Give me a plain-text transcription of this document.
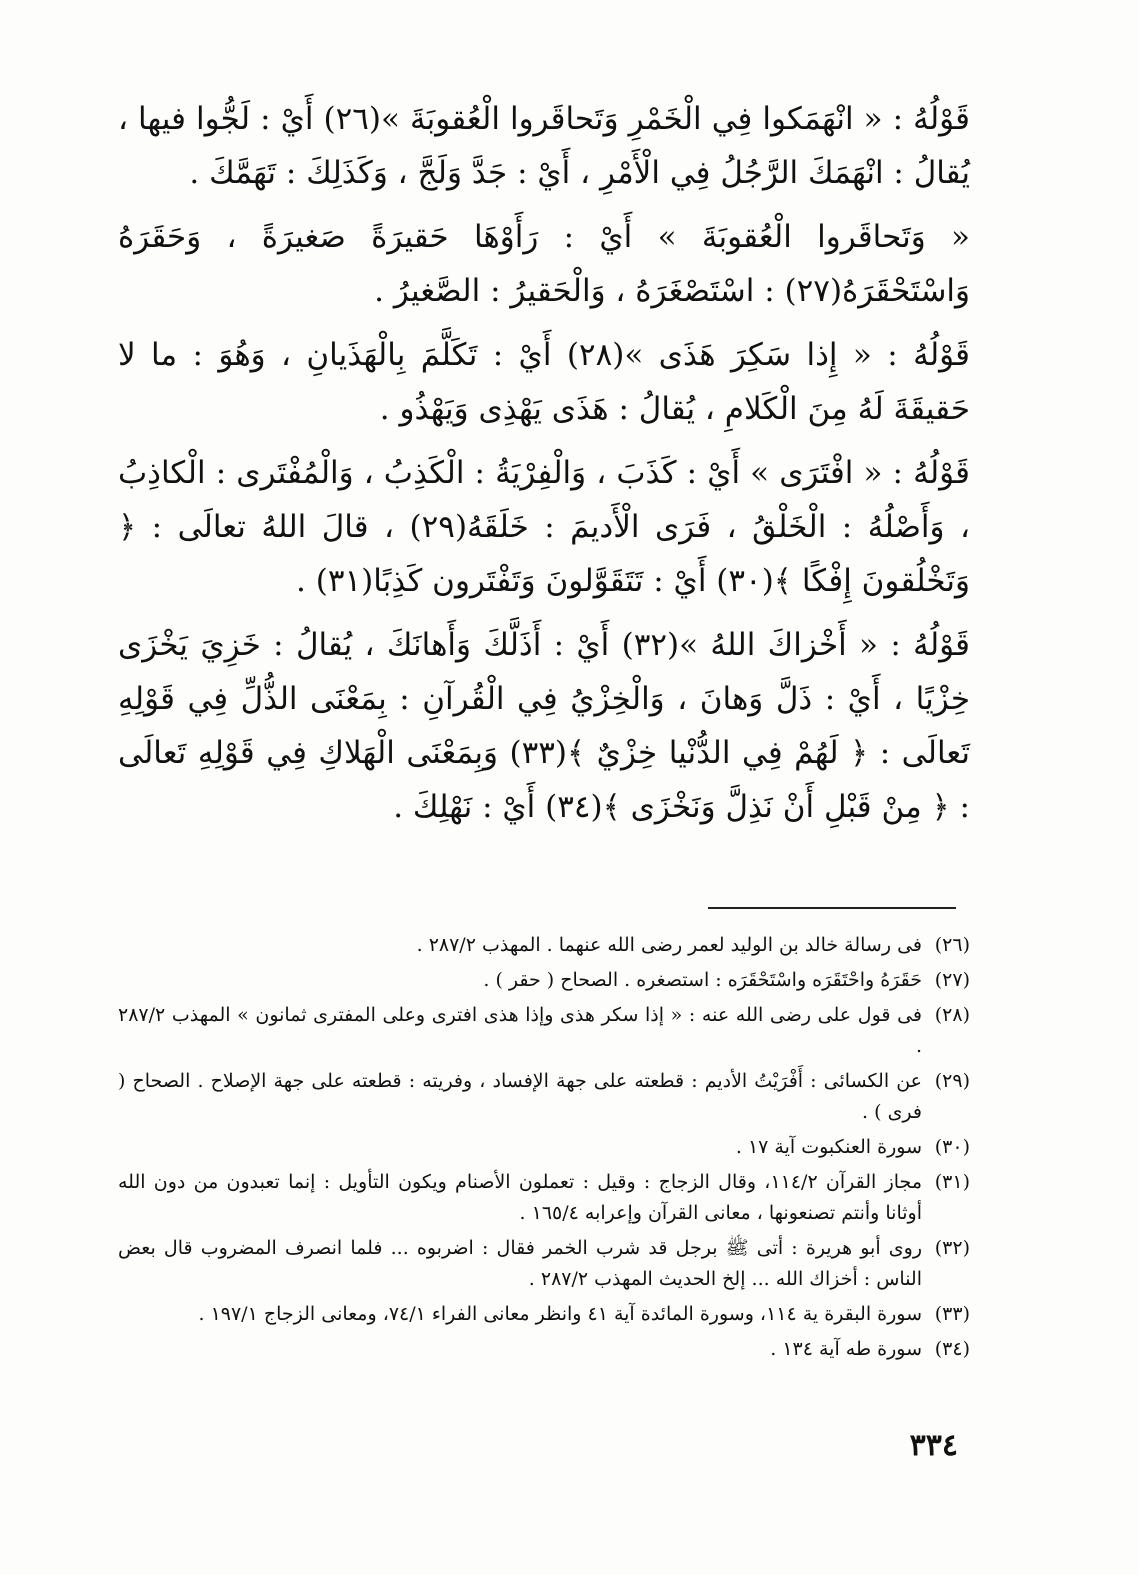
قَوْلُهُ : « انْهَمَكوا فِي الْخَمْرِ وَتَحاقَروا الْعُقوبَةَ »(٢٦) أَيْ : لَجُّوا فيها ، يُقالُ : انْهَمَكَ الرَّجُلُ فِي الْأَمْرِ ، أَيْ : جَدَّ وَلَجَّ ، وَكَذَلِكَ : تَهَمَّكَ .

« وَتَحاقَروا الْعُقوبَةَ » أَيْ : رَأَوْهَا حَقيرَةً صَغيرَةً ، وَحَقَرَهُ وَاسْتَحْقَرَهُ(٢٧) : اسْتَصْغَرَهُ ، وَالْحَقيرُ : الصَّغيرُ .

قَوْلُهُ : « إِذا سَكِرَ هَذَى »(٢٨) أَيْ : تَكَلَّمَ بِالْهَذَيانِ ، وَهُوَ : ما لا حَقيقَةَ لَهُ مِنَ الْكَلامِ ، يُقالُ : هَذَى يَهْذِى وَيَهْذُو .

قَوْلُهُ : « افْتَرَى » أَيْ : كَذَبَ ، وَالْفِرْيَةُ : الْكَذِبُ ، وَالْمُفْتَرى : الْكاذِبُ ، وَأَصْلُهُ : الْخَلْقُ ، فَرَى الْأَديمَ : خَلَقَهُ(٢٩) ، قالَ اللهُ تعالَى : ﴿ وَتَخْلُقونَ إِفْكًا ﴾(٣٠) أَيْ : تَتَقَوَّلونَ وَتَفْتَرون كَذِبًا(٣١) .

قَوْلُهُ : « أَخْزاكَ اللهُ »(٣٢) أَيْ : أَذَلَّكَ وَأَهانَكَ ، يُقالُ : خَزِيَ يَخْزَى خِزْيًا ، أَيْ : ذَلَّ وَهانَ ، وَالْخِزْيُ فِي الْقُرآنِ : بِمَعْنَى الذُّلِّ فِي قَوْلِهِ تَعالَى : ﴿ لَهُمْ فِي الدُّنْيا خِزْيٌ ﴾(٣٣) وَبِمَعْنَى الْهَلاكِ فِي قَوْلِهِ تَعالَى : ﴿ مِنْ قَبْلِ أَنْ نَذِلَّ وَنَخْزَى ﴾(٣٤) أَيْ : نَهْلِكَ .

(٢٦)
فى رسالة خالد بن الوليد لعمر رضى الله عنهما . المهذب ٢٨٧/٢ .
(٢٧)
حَقَرَهُ واحْتَقَرَه واسْتَحْقَرَه : استصغره . الصحاح ( حقر ) .
(٢٨)
فى قول على رضى الله عنه : « إذا سكر هذى وإذا هذى افترى وعلى المفترى ثمانون » المهذب ٢٨٧/٢ .
(٢٩)
عن الكسائى : أَفْرَيْتُ الأديم : قطعته على جهة الإفساد ، وفريته : قطعته على جهة الإصلاح . الصحاح ( فرى ) .
(٣٠)
سورة العنكبوت آية ١٧ .
(٣١)
مجاز القرآن ١١٤/٢، وقال الزجاج : وقيل : تعملون الأصنام ويكون التأويل : إنما تعبدون من دون الله أوثانا وأنتم تصنعونها ، معانى القرآن وإعرابه ١٦٥/٤ .
(٣٢)
روى أبو هريرة : أتى ﷺ برجل قد شرب الخمر فقال : اضربوه ... فلما انصرف المضروب قال بعض الناس : أخزاك الله ... إلخ الحديث المهذب ٢٨٧/٢ .
(٣٣)
سورة البقرة ية ١١٤، وسورة المائدة آية ٤١ وانظر معانى الفراء ٧٤/١، ومعانى الزجاج ١٩٧/١ .
(٣٤)
سورة طه آية ١٣٤ .
٣٣٤
